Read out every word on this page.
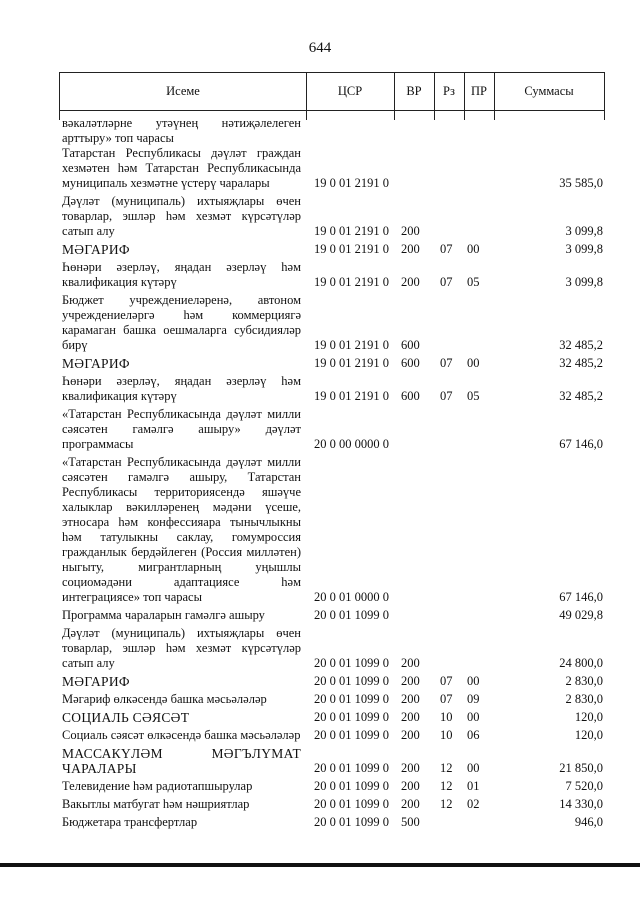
644
Исеме	ЦСР	ВР	Рз	ПР	Суммасы
вәкаләтләрне утәүнең нәтиҗәлелеген арттыру» топ чарасы
Татарстан Республикасы дәүләт граждан хезмәтен һәм Татарстан Республикасында муниципаль хезмәтне үстерү чаралары	19 0 01 2191 0	35 585,0
Дәүләт (муниципаль) ихтыяҗлары өчен товарлар, эшләр һәм хезмәт күрсәтүләр сатып алу	19 0 01 2191 0 200	3 099,8
МӘГАРИФ	19 0 01 2191 0 200	07	00	3 099,8
Һөнәри әзерләү, яңадан әзерләү һәм квалификация күтәрү	19 0 01 2191 0 200	07	05	3 099,8
Бюджет учреждениеләренә, автоном учреждениеләргә һәм коммерциягә карамаган башка оешмаларга субсидияләр бирү	19 0 01 2191 0 600	32 485,2
МӘГАРИФ	19 0 01 2191 0 600	07	00	32 485,2
Һөнәри әзерләү, яңадан әзерләү һәм квалификация күтәрү	19 0 01 2191 0 600	07	05	32 485,2
«Татарстан Республикасында дәүләт милли сәясәтен гамәлгә ашыру» дәүләт программасы	20 0 00 0000 0	67 146,0
«Татарстан Республикасында дәүләт милли сәясәтен гамәлгә ашыру, Татарстан Республикасы территориясендә яшәүче халыклар вәкилләренең мәдәни үсеше, этносара һәм конфессияара тынычлыкны һәм татулыкны саклау, гомумроссия гражданлык бердәйлеген (Россия милләтен) ныгыту, мигрантларның уңышлы социомәдәни адаптациясе һәм интеграциясе» топ чарасы	20 0 01 0000 0	67 146,0
Программа чараларын гамәлгә ашыру	20 0 01 1099 0	49 029,8
Дәүләт (муниципаль) ихтыяҗлары өчен товарлар, эшләр һәм хезмәт күрсәтүләр сатып алу	20 0 01 1099 0 200	24 800,0
МӘГАРИФ	20 0 01 1099 0 200	07	00	2 830,0
Мәгариф өлкәсендә башка мәсьәләләр	20 0 01 1099 0 200	07	09	2 830,0
СОЦИАЛЬ СӘЯСӘТ	20 0 01 1099 0 200	10	00	120,0
Социаль сәясәт өлкәсендә башка мәсьәләләр	20 0 01 1099 0 200	10	06	120,0
МАССАКҮЛӘМ МӘГЪЛҮМАТ ЧАРАЛАРЫ	20 0 01 1099 0 200	12	00	21 850,0
Телевидение һәм радиотапшырулар	20 0 01 1099 0 200	12	01	7 520,0
Вакытлы матбугат һәм нәшриятлар	20 0 01 1099 0 200	12	02	14 330,0
Бюджетара трансфертлар	20 0 01 1099 0 500	946,0
